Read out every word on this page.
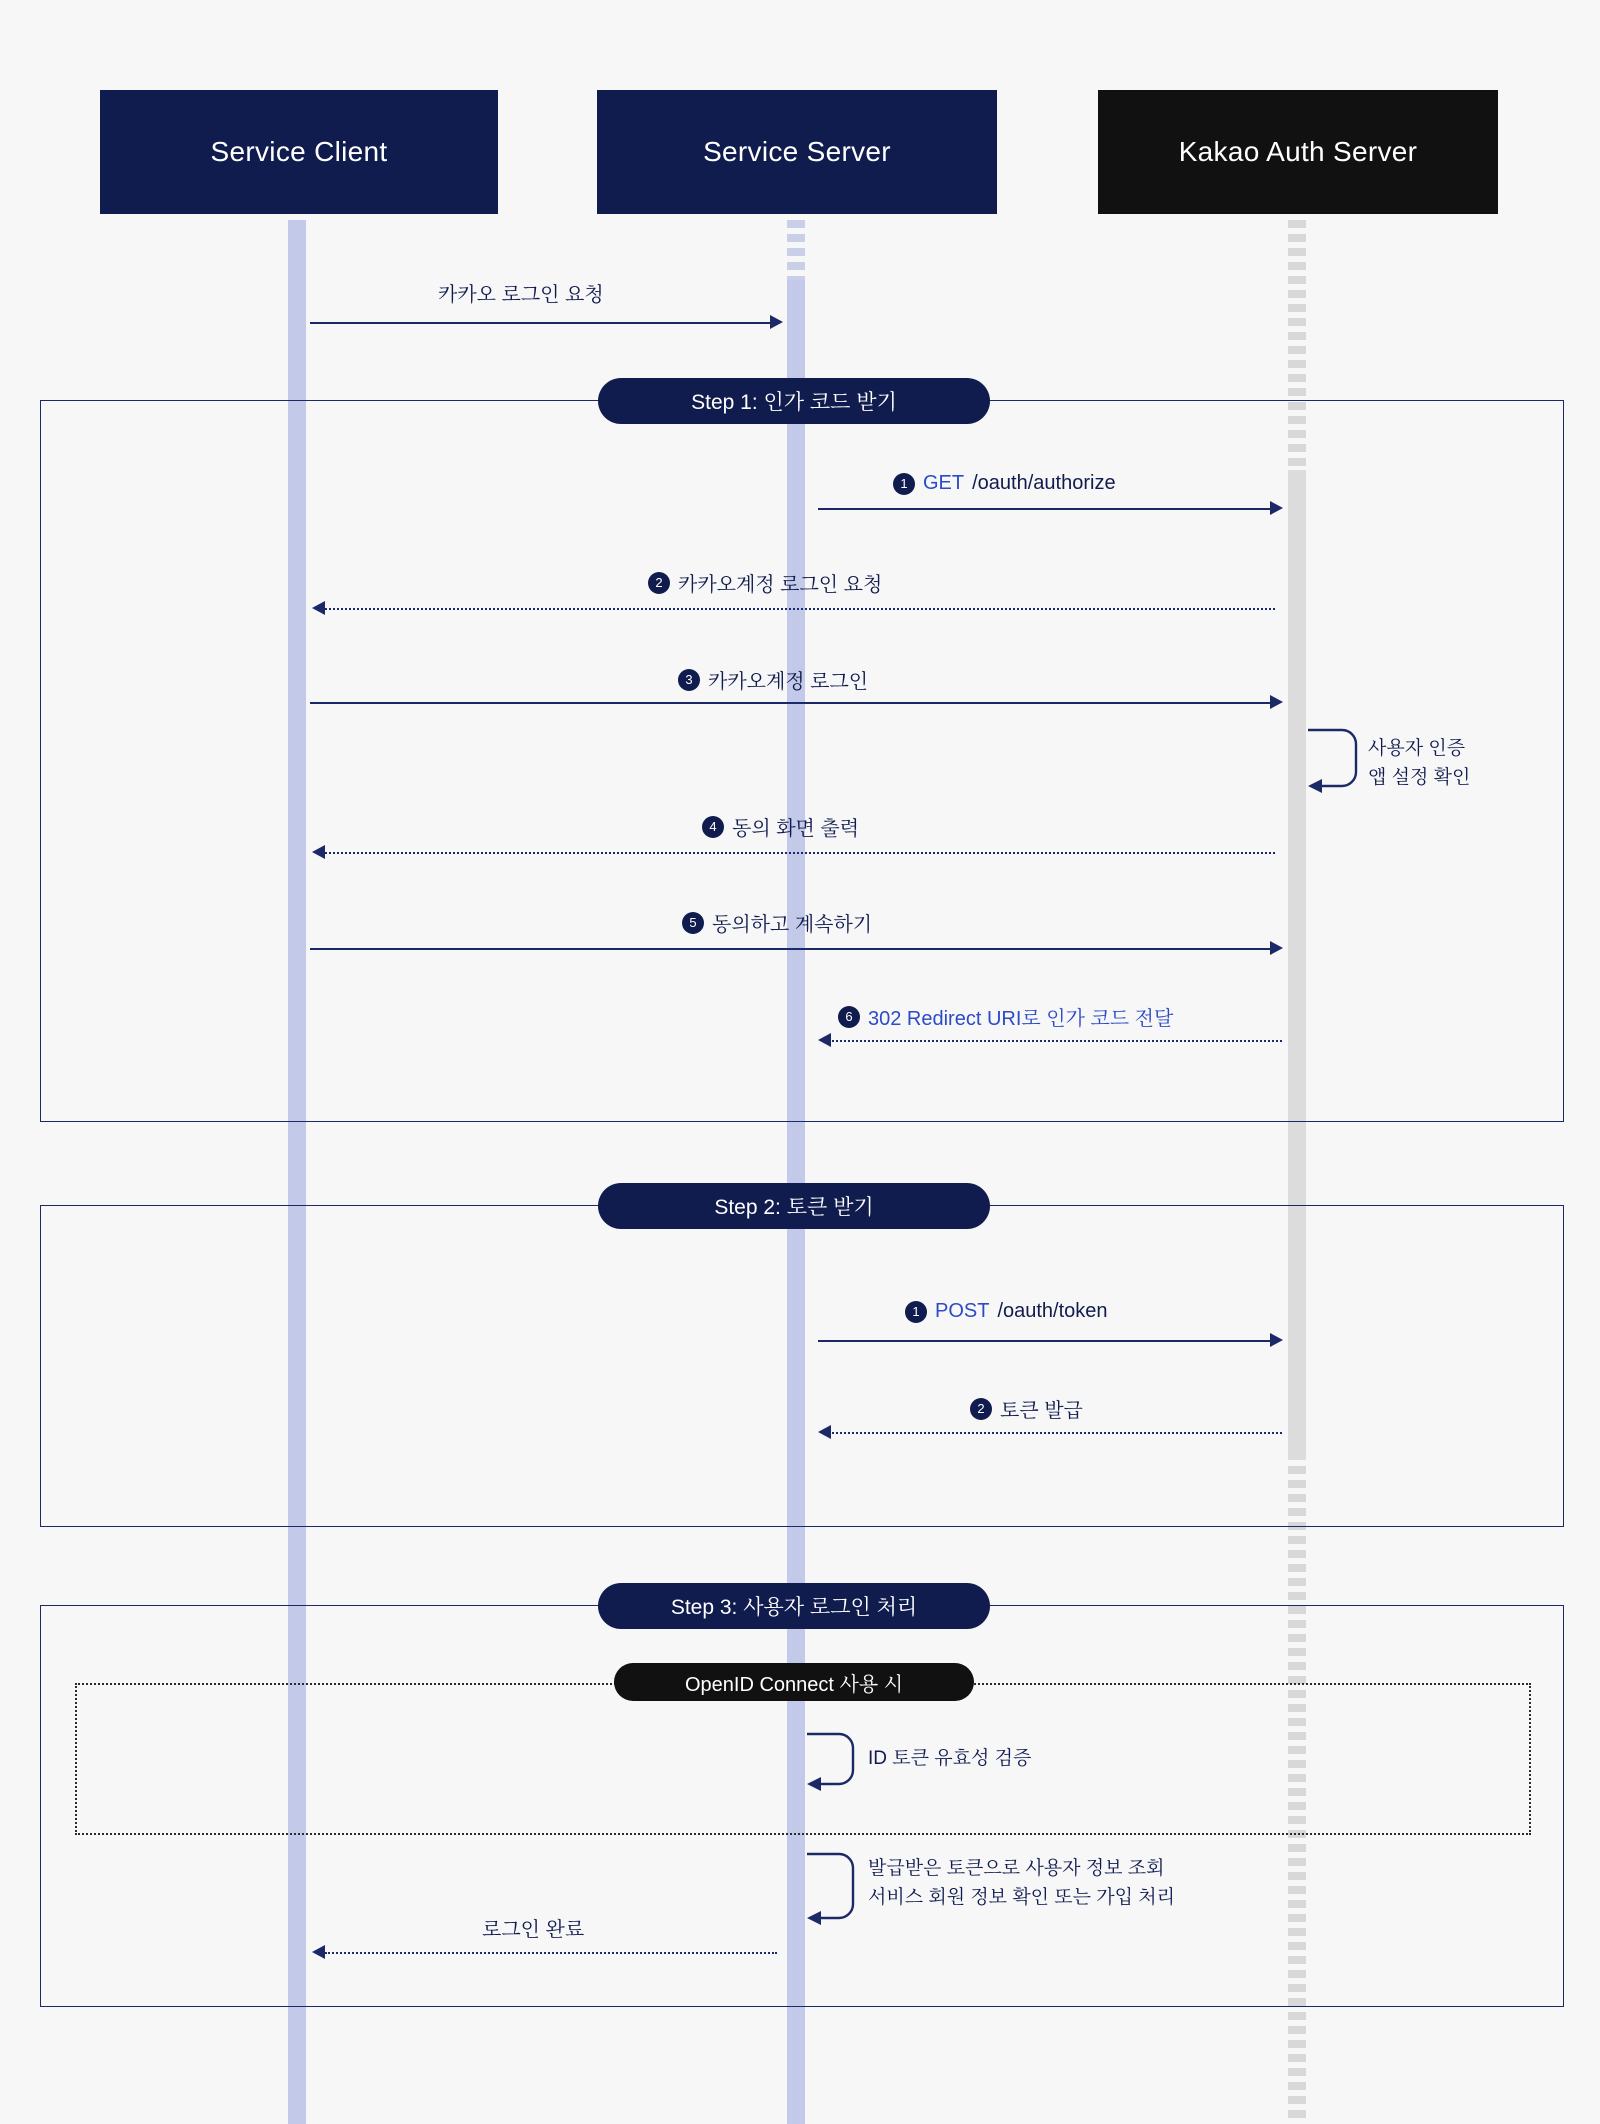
Service Client	Service Server	Kakao Auth Server
카카오 로그인 요청
Step 1: 인가 코드 받기
1 GET /oauth/authorize
2 카카오계정 로그인 요청
3 카카오계정 로그인
사용자 인증
앱 설정 확인
4 동의 화면 출력
5 동의하고 계속하기
6 302 Redirect URI로 인가 코드 전달
Step 2: 토큰 받기
1 POST /oauth/token
2 토큰 발급
Step 3: 사용자 로그인 처리
OpenID Connect 사용 시
ID 토큰 유효성 검증
발급받은 토큰으로 사용자 정보 조회
서비스 회원 정보 확인 또는 가입 처리
로그인 완료
